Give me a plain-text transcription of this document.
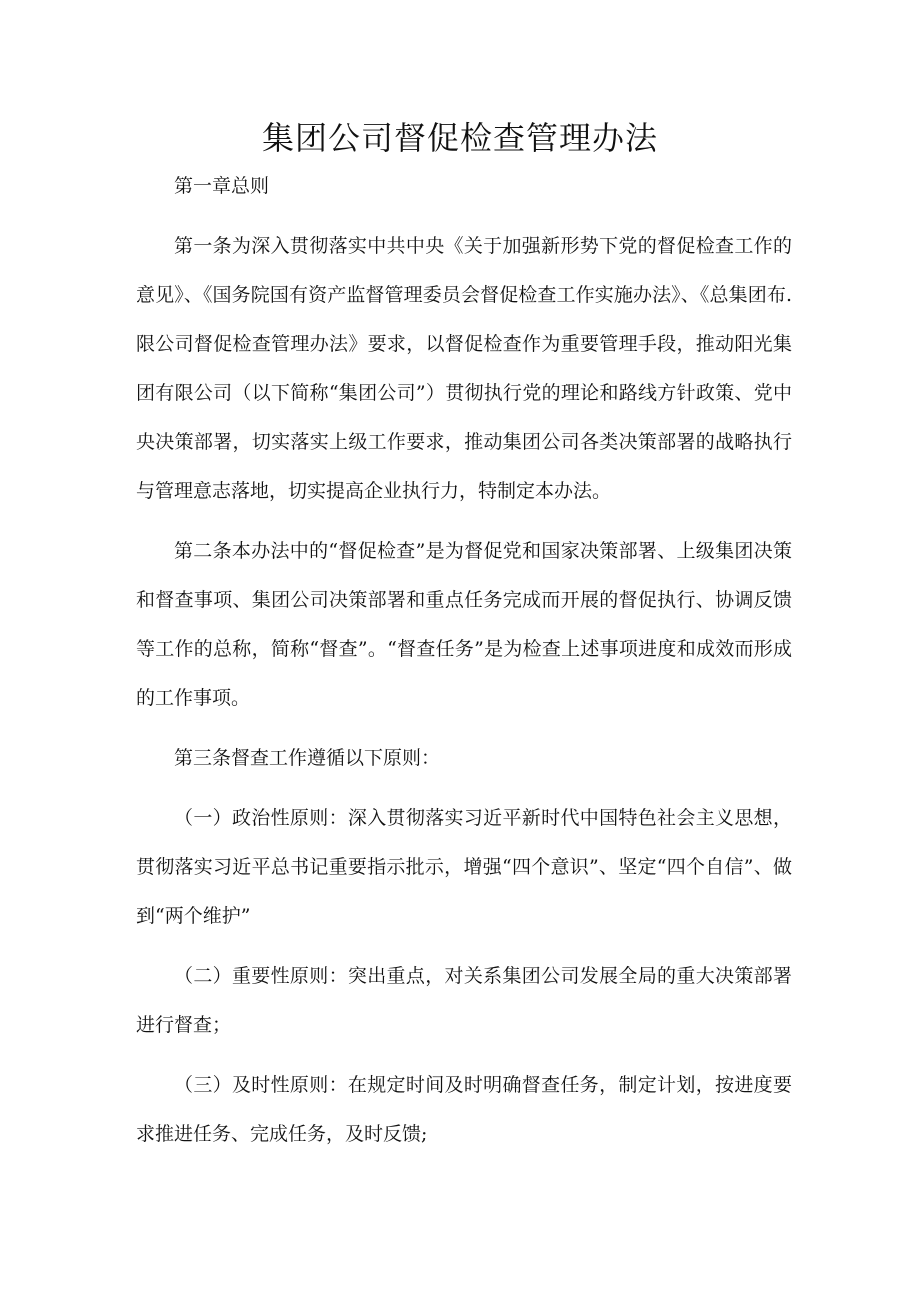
集团公司督促检查管理办法

第一章总则

第一条为深入贯彻落实中共中央《关于加强新形势下党的督促检查工作的意见》、《国务院国有资产监督管理委员会督促检查工作实施办法》、《总集团布.限公司督促检查管理办法》要求，以督促检查作为重要管理手段，推动阳光集团有限公司（以下简称“集团公司”）贯彻执行党的理论和路线方针政策、党中央决策部署，切实落实上级工作要求，推动集团公司各类决策部署的战略执行与管理意志落地，切实提高企业执行力，特制定本办法。

第二条本办法中的“督促检查”是为督促党和国家决策部署、上级集团决策和督查事项、集团公司决策部署和重点任务完成而开展的督促执行、协调反馈等工作的总称，简称“督查”。“督查任务”是为检查上述事项进度和成效而形成的工作事项。

第三条督查工作遵循以下原则：

（一）政治性原则：深入贯彻落实习近平新时代中国特色社会主义思想，贯彻落实习近平总书记重要指示批示，增强“四个意识”、坚定“四个自信”、做到“两个维护”

（二）重要性原则：突出重点，对关系集团公司发展全局的重大决策部署进行督查；

（三）及时性原则：在规定时间及时明确督查任务，制定计划，按进度要求推进任务、完成任务，及时反馈;
